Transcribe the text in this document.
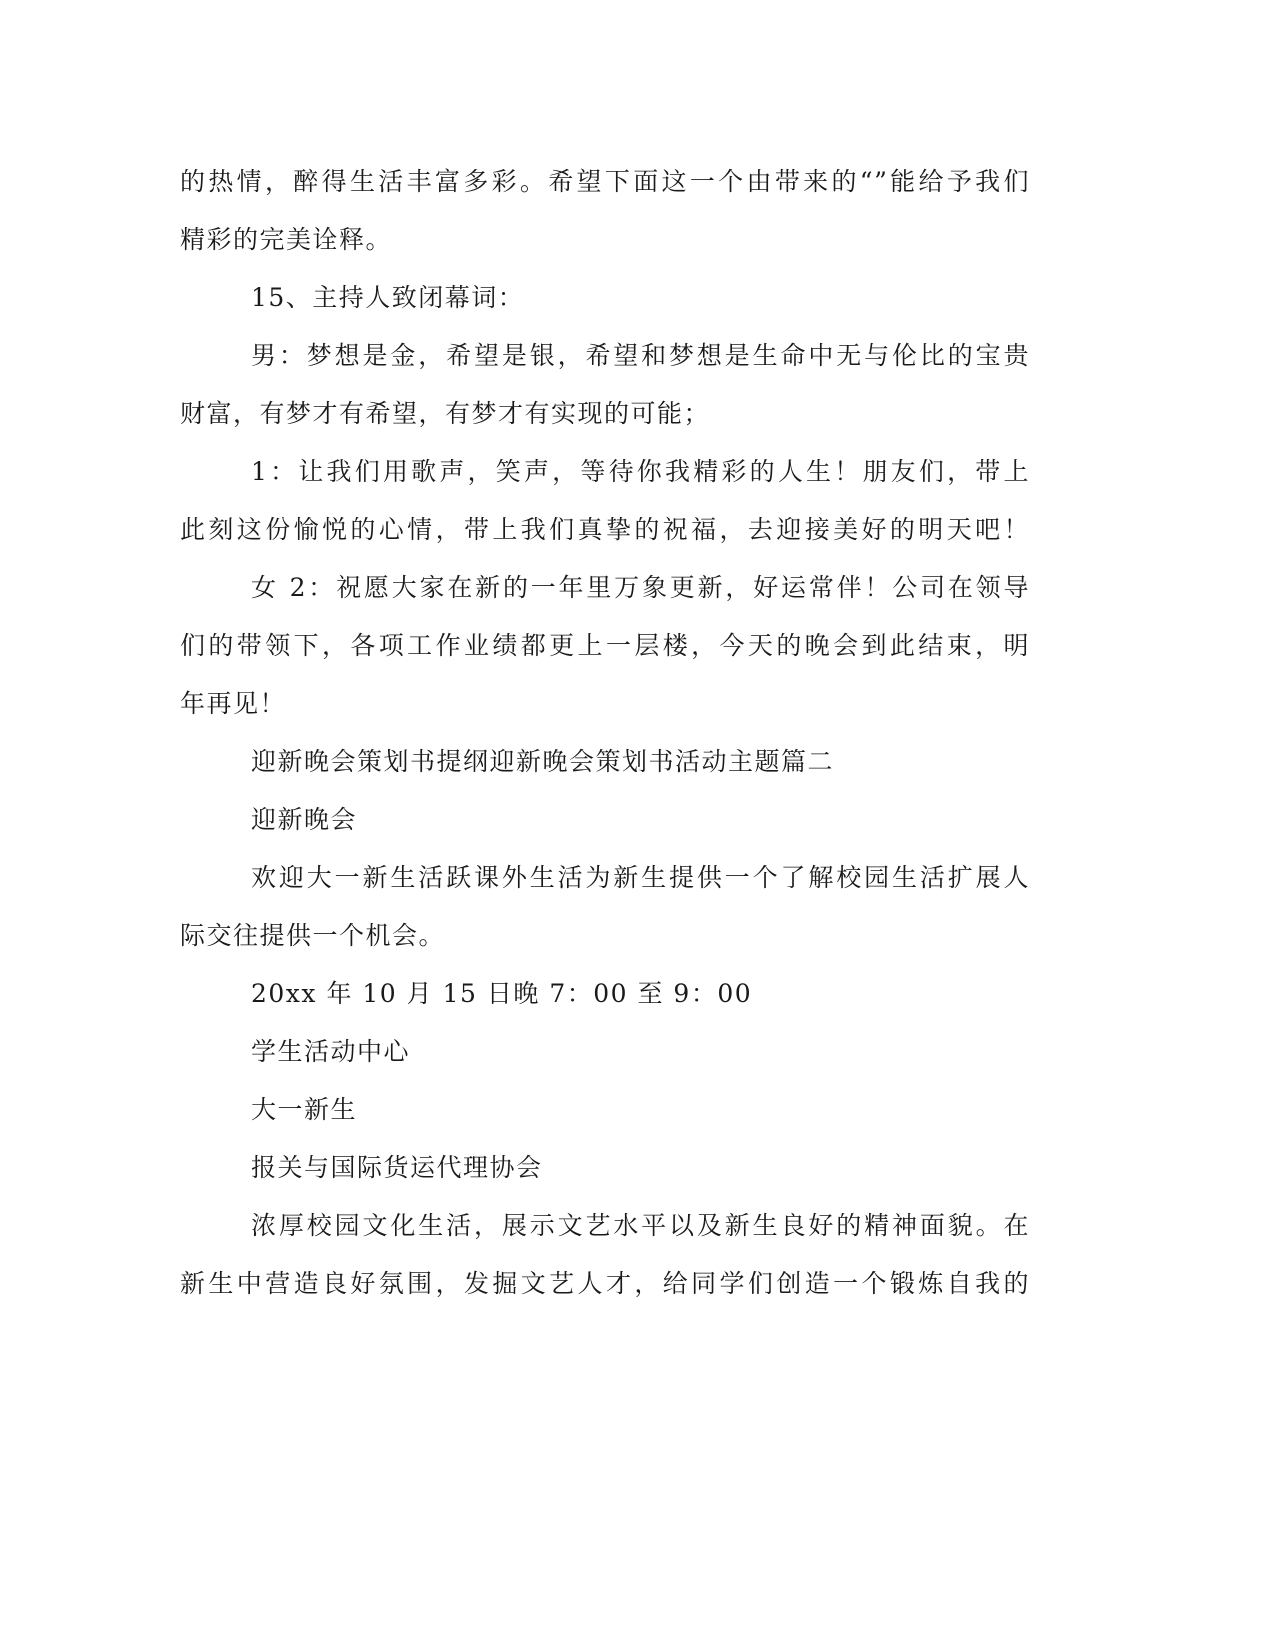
的热情，醉得生活丰富多彩。希望下面这一个由带来的“”能给予我们
精彩的完美诠释。
15、主持人致闭幕词：
男：梦想是金，希望是银，希望和梦想是生命中无与伦比的宝贵
财富，有梦才有希望，有梦才有实现的可能；
1：让我们用歌声，笑声，等待你我精彩的人生！朋友们，带上
此刻这份愉悦的心情，带上我们真挚的祝福，去迎接美好的明天吧！
女 2：祝愿大家在新的一年里万象更新，好运常伴！公司在领导
们的带领下，各项工作业绩都更上一层楼，今天的晚会到此结束，明
年再见！
迎新晚会策划书提纲迎新晚会策划书活动主题篇二
迎新晚会
欢迎大一新生活跃课外生活为新生提供一个了解校园生活扩展人
际交往提供一个机会。
20xx 年 10 月 15 日晚 7：00 至 9：00
学生活动中心
大一新生
报关与国际货运代理协会
浓厚校园文化生活，展示文艺水平以及新生良好的精神面貌。在
新生中营造良好氛围，发掘文艺人才，给同学们创造一个锻炼自我的
